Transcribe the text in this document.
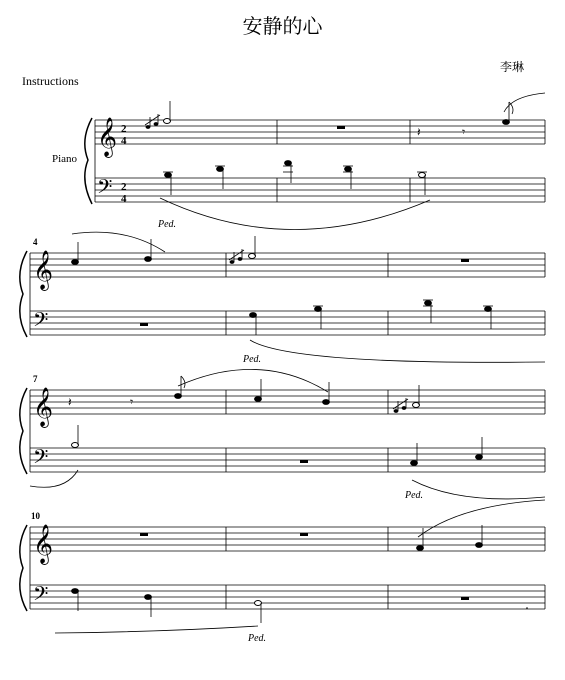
安静的心
李琳
Instructions
Piano
4
7
10
𝄞
𝄢
2
4
2
4
𝄽	𝄾
Ped.
𝄞
𝄢
Ped.
𝄞
𝄢
𝄽	𝄾
Ped.
𝄞
𝄢
Ped.
